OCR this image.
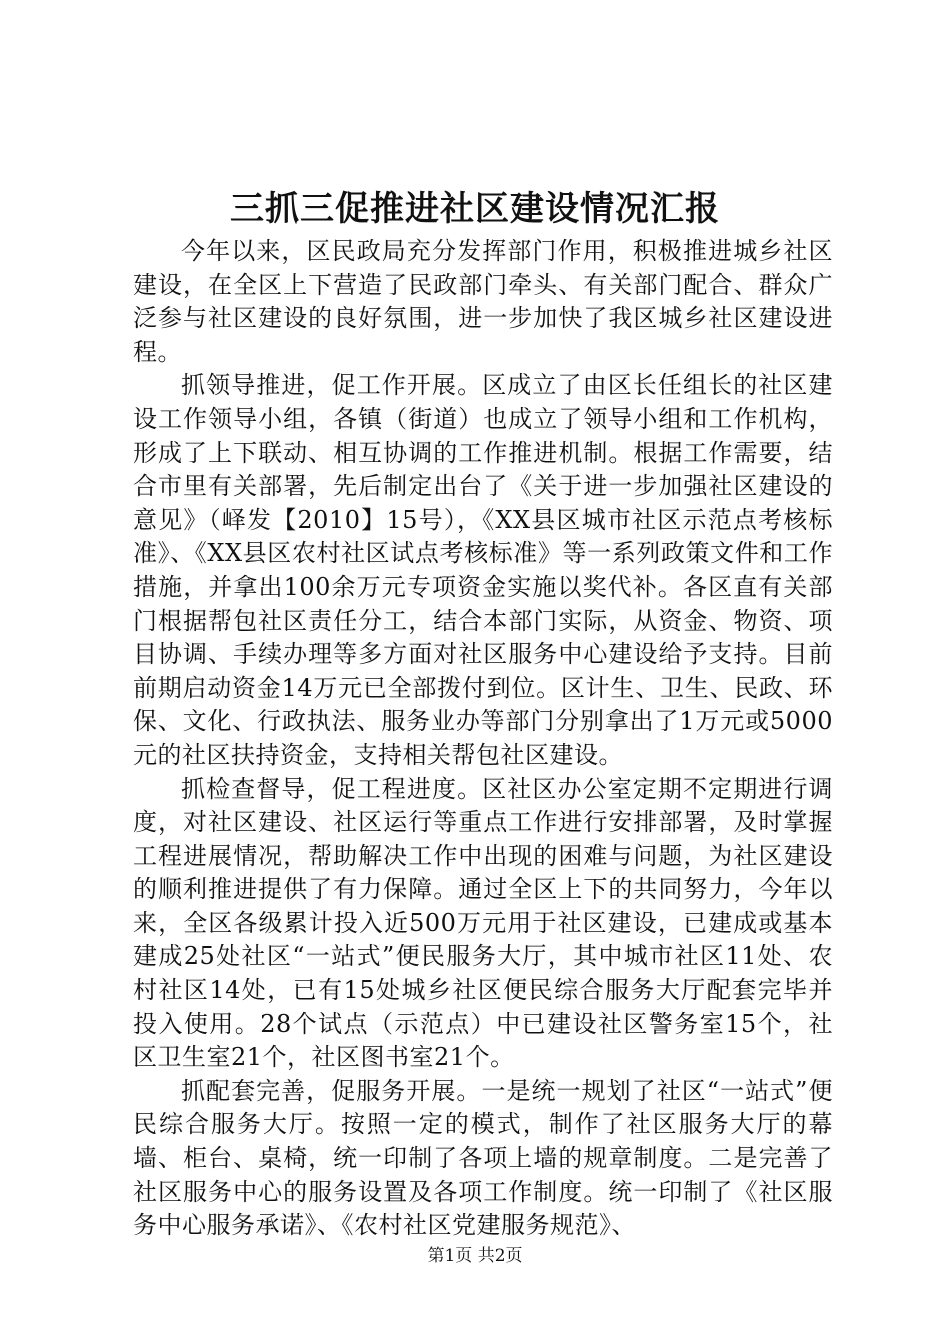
三抓三促推进社区建设情况汇报

今年以来，区民政局充分发挥部门作用，积极推进城乡社区建设，在全区上下营造了民政部门牵头、有关部门配合、群众广泛参与社区建设的良好氛围，进一步加快了我区城乡社区建设进程。

抓领导推进，促工作开展。区成立了由区长任组长的社区建设工作领导小组，各镇（街道）也成立了领导小组和工作机构，形成了上下联动、相互协调的工作推进机制。根据工作需要，结合市里有关部署，先后制定出台了《关于进一步加强社区建设的意见》（峄发【2010】15号），《XX县区城市社区示范点考核标准》、《XX县区农村社区试点考核标准》等一系列政策文件和工作措施，并拿出100余万元专项资金实施以奖代补。各区直有关部门根据帮包社区责任分工，结合本部门实际，从资金、物资、项目协调、手续办理等多方面对社区服务中心建设给予支持。目前前期启动资金14万元已全部拨付到位。区计生、卫生、民政、环保、文化、行政执法、服务业办等部门分别拿出了1万元或5000元的社区扶持资金，支持相关帮包社区建设。

抓检查督导，促工程进度。区社区办公室定期不定期进行调度，对社区建设、社区运行等重点工作进行安排部署，及时掌握工程进展情况，帮助解决工作中出现的困难与问题，为社区建设的顺利推进提供了有力保障。通过全区上下的共同努力，今年以来，全区各级累计投入近500万元用于社区建设，已建成或基本建成25处社区“一站式”便民服务大厅，其中城市社区11处、农村社区14处，已有15处城乡社区便民综合服务大厅配套完毕并投入使用。28个试点（示范点）中已建设社区警务室15个，社区卫生室21个，社区图书室21个。

抓配套完善，促服务开展。一是统一规划了社区“一站式”便民综合服务大厅。按照一定的模式，制作了社区服务大厅的幕墙、柜台、桌椅，统一印制了各项上墙的规章制度。二是完善了社区服务中心的服务设置及各项工作制度。统一印制了《社区服务中心服务承诺》、《农村社区党建服务规范》、

第1页 共2页
